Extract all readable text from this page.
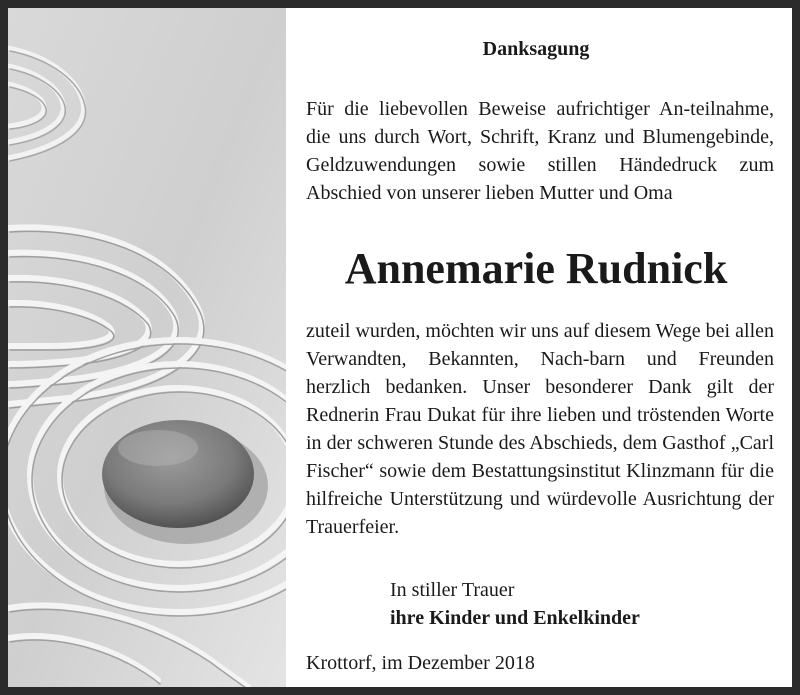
Danksagung
Für die liebevollen Beweise aufrichtiger An-teilnahme, die uns durch Wort, Schrift, Kranz und Blumengebinde, Geldzuwendungen sowie stillen Händedruck zum Abschied von unserer lieben Mutter und Oma
Annemarie Rudnick
zuteil wurden, möchten wir uns auf diesem Wege bei allen Verwandten, Bekannten, Nach-barn und Freunden herzlich bedanken. Unser besonderer Dank gilt der Rednerin Frau Dukat für ihre lieben und tröstenden Worte in der schweren Stunde des Abschieds, dem Gasthof „Carl Fischer“ sowie dem Bestattungsinstitut Klinzmann für die hilfreiche Unterstützung und würdevolle Ausrichtung der Trauerfeier.
In stiller Trauer
ihre Kinder und Enkelkinder
Krottorf, im Dezember 2018
